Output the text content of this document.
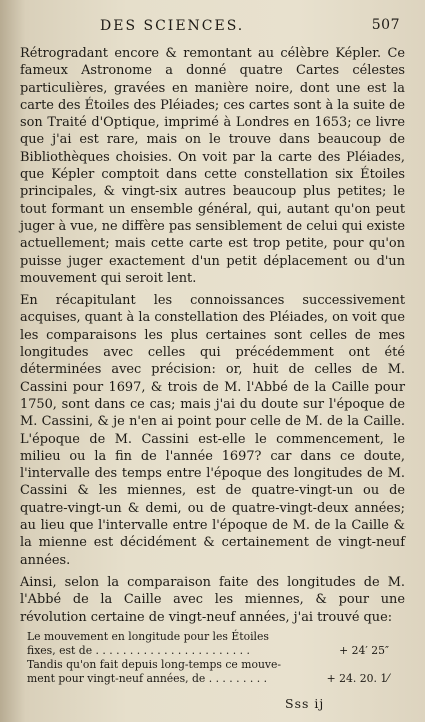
DES SCIENCES.	507

Rétrogradant encore & remontant au célèbre Képler. Ce fameux Astronome a donné quatre Cartes célestes particulières, gravées en manière noire, dont une est la carte des Étoiles des Pléiades; ces cartes sont à la suite de son Traité d'Optique, imprimé à Londres en 1653; ce livre que j'ai est rare, mais on le trouve dans beaucoup de Bibliothèques choisies. On voit par la carte des Pléiades, que Képler comptoit dans cette constellation six Étoiles principales, & vingt-six autres beaucoup plus petites; le tout formant un ensemble général, qui, autant qu'on peut juger à vue, ne diffère pas sensiblement de celui qui existe actuellement; mais cette carte est trop petite, pour qu'on puisse juger exactement d'un petit déplacement ou d'un mouvement qui seroit lent.

En récapitulant les connoissances successivement acquises, quant à la constellation des Pléiades, on voit que les comparaisons les plus certaines sont celles de mes longitudes avec celles qui précédemment ont été déterminées avec précision: or, huit de celles de M. Cassini pour 1697, & trois de M. l'Abbé de la Caille pour 1750, sont dans ce cas; mais j'ai du doute sur l'époque de M. Cassini, & je n'en ai point pour celle de M. de la Caille. L'époque de M. Cassini est-elle le commencement, le milieu ou la fin de l'année 1697? car dans ce doute, l'intervalle des temps entre l'époque des longitudes de M. Cassini & les miennes, est de quatre-vingt-un ou de quatre-vingt-un & demi, ou de quatre-vingt-deux années; au lieu que l'intervalle entre l'époque de M. de la Caille & la mienne est décidément & certainement de vingt-neuf années.

Ainsi, selon la comparaison faite des longitudes de M. l'Abbé de la Caille avec les miennes, & pour une révolution certaine de vingt-neuf années, j'ai trouvé que:

Le mouvement en longitude pour les Étoiles
fixes, est de . . . . . . . . . . . . . . . . . . . . . . .	+ 24′ 25″
Tandis qu'on fait depuis long-temps ce mouve-
ment pour vingt-neuf années, de . . . . . . . . .	+ 24. 20. 1⁄
Sss ij
